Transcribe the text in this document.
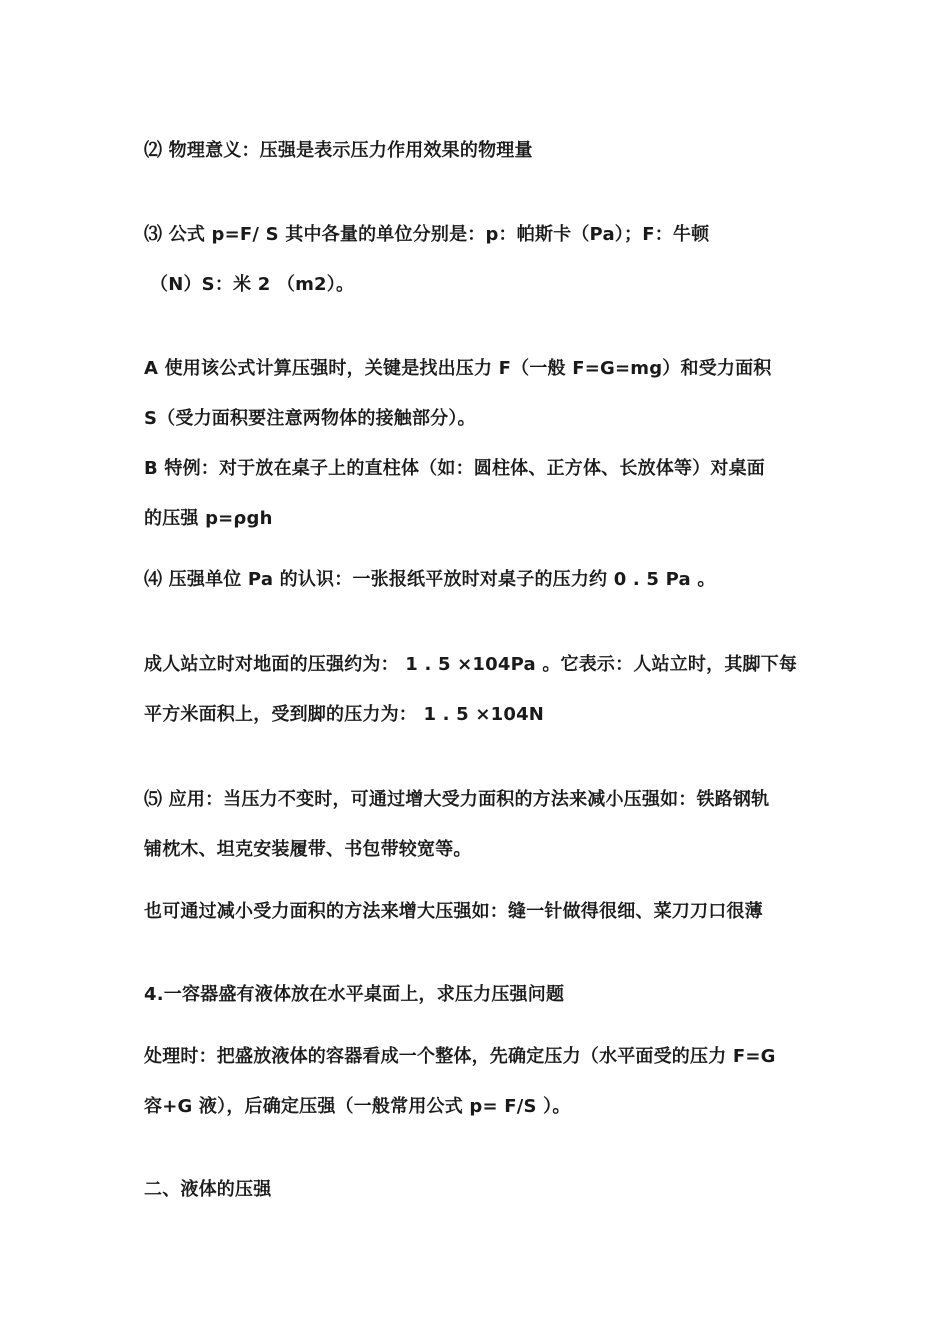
⑵ 物理意义：压强是表示压力作用效果的物理量
⑶ 公式 p=F/ S 其中各量的单位分别是：p：帕斯卡（Pa）；F：牛顿
（N）S：米 2 （m2）。
A 使用该公式计算压强时，关键是找出压力 F（一般 F=G=mg）和受力面积
S（受力面积要注意两物体的接触部分）。
B 特例：对于放在桌子上的直柱体（如：圆柱体、正方体、长放体等）对桌面
的压强 p=ρgh
⑷ 压强单位 Pa 的认识：一张报纸平放时对桌子的压力约 0 . 5 Pa 。
成人站立时对地面的压强约为： 1 . 5 ×104Pa 。它表示：人站立时，其脚下每
平方米面积上，受到脚的压力为： 1 . 5 ×104N
⑸ 应用：当压力不变时，可通过增大受力面积的方法来减小压强如：铁路钢轨
铺枕木、坦克安装履带、书包带较宽等。
也可通过减小受力面积的方法来增大压强如：缝一针做得很细、菜刀刀口很薄
4.一容器盛有液体放在水平桌面上，求压力压强问题
处理时：把盛放液体的容器看成一个整体，先确定压力（水平面受的压力 F=G
容+G 液），后确定压强（一般常用公式 p= F/S ）。
二、液体的压强
